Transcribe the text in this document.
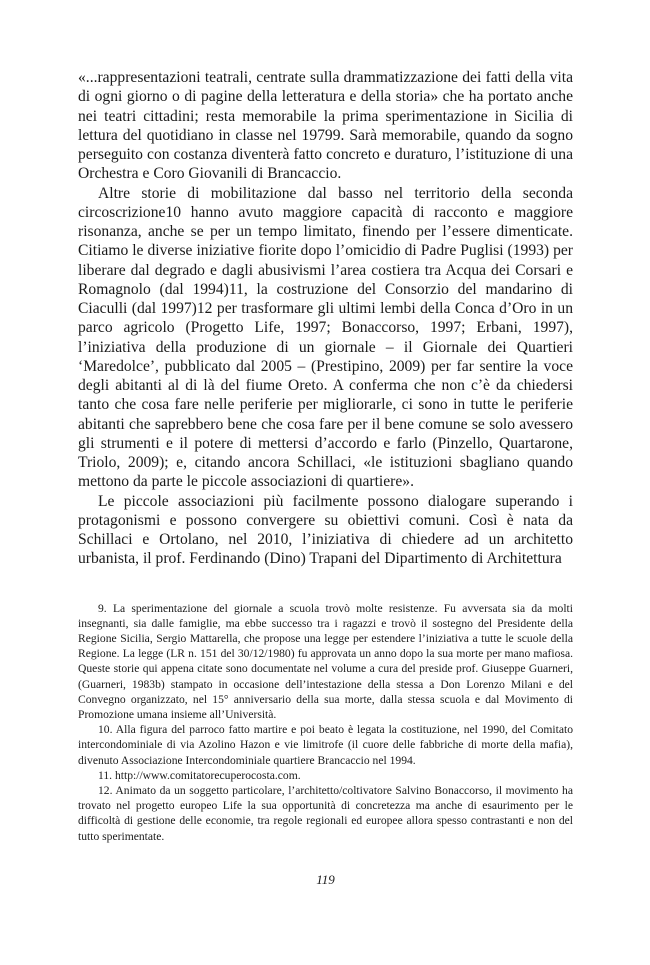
«...rappresentazioni teatrali, centrate sulla drammatizzazione dei fatti della vita di ogni giorno o di pagine della letteratura e della storia» che ha portato anche nei teatri cittadini; resta memorabile la prima sperimentazione in Sicilia di lettura del quotidiano in classe nel 19799. Sarà memorabile, quando da sogno perseguito con costanza diventerà fatto concreto e duraturo, l’istituzione di una Orchestra e Coro Giovanili di Brancaccio.

Altre storie di mobilitazione dal basso nel territorio della seconda circoscrizione10 hanno avuto maggiore capacità di racconto e maggiore risonanza, anche se per un tempo limitato, finendo per l’essere dimenticate. Citiamo le diverse iniziative fiorite dopo l’omicidio di Padre Puglisi (1993) per liberare dal degrado e dagli abusivismi l’area costiera tra Acqua dei Corsari e Romagnolo (dal 1994)11, la costruzione del Consorzio del mandarino di Ciaculli (dal 1997)12 per trasformare gli ultimi lembi della Conca d’Oro in un parco agricolo (Progetto Life, 1997; Bonaccorso, 1997; Erbani, 1997), l’iniziativa della produzione di un giornale – il Giornale dei Quartieri ‘Maredolce’, pubblicato dal 2005 – (Prestipino, 2009) per far sentire la voce degli abitanti al di là del fiume Oreto. A conferma che non c’è da chiedersi tanto che cosa fare nelle periferie per migliorarle, ci sono in tutte le periferie abitanti che saprebbero bene che cosa fare per il bene comune se solo avessero gli strumenti e il potere di mettersi d’accordo e farlo (Pinzello, Quartarone, Triolo, 2009); e, citando ancora Schillaci, «le istituzioni sbagliano quando mettono da parte le piccole associazioni di quartiere».

Le piccole associazioni più facilmente possono dialogare superando i protagonismi e possono convergere su obiettivi comuni. Così è nata da Schillaci e Ortolano, nel 2010, l’iniziativa di chiedere ad un architetto urbanista, il prof. Ferdinando (Dino) Trapani del Dipartimento di Architettura

9. La sperimentazione del giornale a scuola trovò molte resistenze. Fu avversata sia da molti insegnanti, sia dalle famiglie, ma ebbe successo tra i ragazzi e trovò il sostegno del Presidente della Regione Sicilia, Sergio Mattarella, che propose una legge per estendere l’iniziativa a tutte le scuole della Regione. La legge (LR n. 151 del 30/12/1980) fu approvata un anno dopo la sua morte per mano mafiosa. Queste storie qui appena citate sono documentate nel volume a cura del preside prof. Giuseppe Guarneri, (Guarneri, 1983b) stampato in occasione dell’intestazione della stessa a Don Lorenzo Milani e del Convegno organizzato, nel 15° anniversario della sua morte, dalla stessa scuola e dal Movimento di Promozione umana insieme all’Università.

10. Alla figura del parroco fatto martire e poi beato è legata la costituzione, nel 1990, del Comitato intercondominiale di via Azolino Hazon e vie limitrofe (il cuore delle fabbriche di morte della mafia), divenuto Associazione Intercondominiale quartiere Brancaccio nel 1994.

11. http://www.comitatorecuperocosta.com.

12. Animato da un soggetto particolare, l’architetto/coltivatore Salvino Bonaccorso, il movimento ha trovato nel progetto europeo Life la sua opportunità di concretezza ma anche di esaurimento per le difficoltà di gestione delle economie, tra regole regionali ed europee allora spesso contrastanti e non del tutto sperimentate.

119
